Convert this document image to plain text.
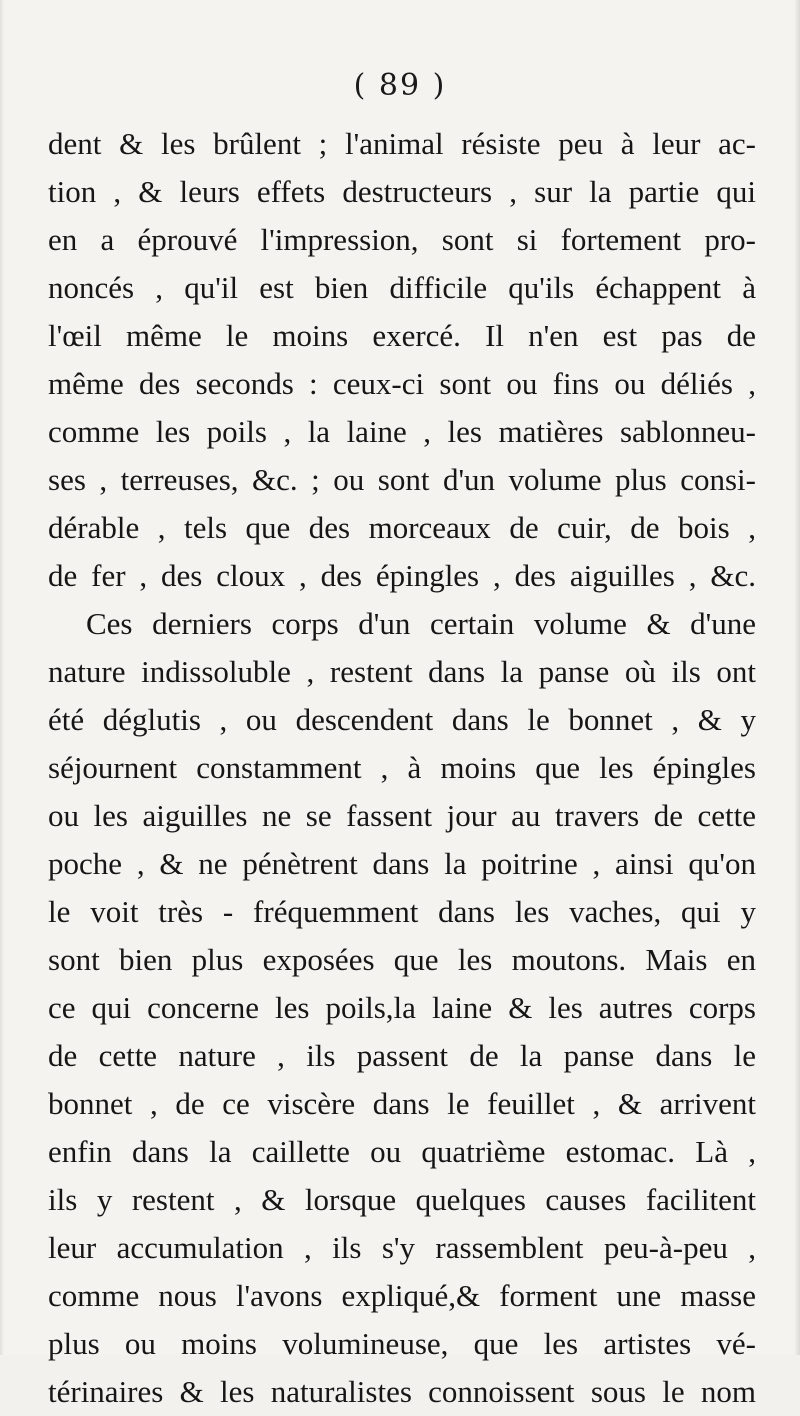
( 89 )
dent & les brûlent ; l'animal résiste peu à leur ac-
tion , & leurs effets destructeurs , sur la partie qui
en a éprouvé l'impression, sont si fortement pro-
noncés , qu'il est bien difficile qu'ils échappent à
l'œil même le moins exercé. Il n'en est pas de
même des seconds : ceux-ci sont ou fins ou déliés ,
comme les poils , la laine , les matières sablonneu-
ses , terreuses, &c. ; ou sont d'un volume plus consi-
dérable , tels que des morceaux de cuir, de bois ,
de fer , des cloux , des épingles , des aiguilles , &c.
Ces derniers corps d'un certain volume & d'une
nature indissoluble , restent dans la panse où ils ont
été déglutis , ou descendent dans le bonnet , & y
séjournent constamment , à moins que les épingles
ou les aiguilles ne se fassent jour au travers de cette
poche , & ne pénètrent dans la poitrine , ainsi qu'on
le voit très - fréquemment dans les vaches, qui y
sont bien plus exposées que les moutons. Mais en
ce qui concerne les poils,la laine & les autres corps
de cette nature , ils passent de la panse dans le
bonnet , de ce viscère dans le feuillet , & arrivent
enfin dans la caillette ou quatrième estomac. Là ,
ils y restent , & lorsque quelques causes facilitent
leur accumulation , ils s'y rassemblent peu-à-peu ,
comme nous l'avons expliqué,& forment une masse
plus ou moins volumineuse, que les artistes vé-
térinaires & les naturalistes connoissent sous le nom
